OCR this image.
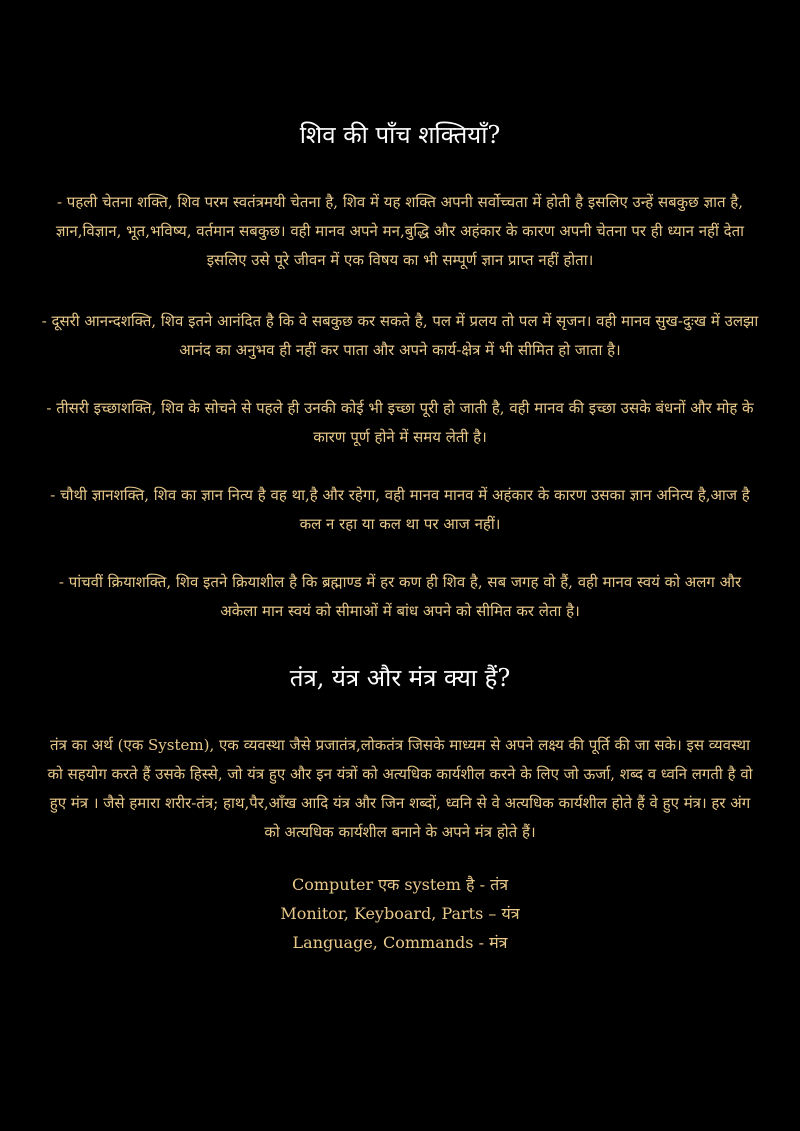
शिव की पाँच शक्तियाँ?

- पहली चेतना शक्ति, शिव परम स्वतंत्रमयी चेतना है, शिव में यह शक्ति अपनी सर्वोच्चता में होती है इसलिए उन्हें सबकुछ ज्ञात है, ज्ञान,विज्ञान, भूत,भविष्य, वर्तमान सबकुछ। वही मानव अपने मन,बुद्धि और अहंकार के कारण अपनी चेतना पर ही ध्यान नहीं देता इसलिए उसे पूरे जीवन में एक विषय का भी सम्पूर्ण ज्ञान प्राप्त नहीं होता।

- दूसरी आनन्दशक्ति, शिव इतने आनंदित है कि वे सबकुछ कर सकते है, पल में प्रलय तो पल में सृजन। वही मानव सुख-दुःख में उलझा आनंद का अनुभव ही नहीं कर पाता और अपने कार्य-क्षेत्र में भी सीमित हो जाता है।

- तीसरी इच्छाशक्ति, शिव के सोचने से पहले ही उनकी कोई भी इच्छा पूरी हो जाती है, वही मानव की इच्छा उसके बंधनों और मोह के कारण पूर्ण होने में समय लेती है।

- चौथी ज्ञानशक्ति, शिव का ज्ञान नित्य है वह था,है और रहेगा, वही मानव मानव में अहंकार के कारण उसका ज्ञान अनित्य है,आज है कल न रहा या कल था पर आज नहीं।

- पांचवीं क्रियाशक्ति, शिव इतने क्रियाशील है कि ब्रह्माण्ड में हर कण ही शिव है, सब जगह वो हैं, वही मानव स्वयं को अलग और अकेला मान स्वयं को सीमाओं में बांध अपने को सीमित कर लेता है।

तंत्र, यंत्र और मंत्र क्या हैं?

तंत्र का अर्थ (एक System), एक व्यवस्था जैसे प्रजातंत्र,लोकतंत्र जिसके माध्यम से अपने लक्ष्य की पूर्ति की जा सके। इस व्यवस्था को सहयोग करते हैं उसके हिस्से, जो यंत्र हुए और इन यंत्रों को अत्यधिक कार्यशील करने के लिए जो ऊर्जा, शब्द व ध्वनि लगती है वो हुए मंत्र । जैसे हमारा शरीर-तंत्र; हाथ,पैर,आँख आदि यंत्र और जिन शब्दों, ध्वनि से वे अत्यधिक कार्यशील होते हैं वे हुए मंत्र। हर अंग को अत्यधिक कार्यशील बनाने के अपने मंत्र होते हैं।

Computer एक system है - तंत्र

Monitor, Keyboard, Parts – यंत्र

Language, Commands - मंत्र
